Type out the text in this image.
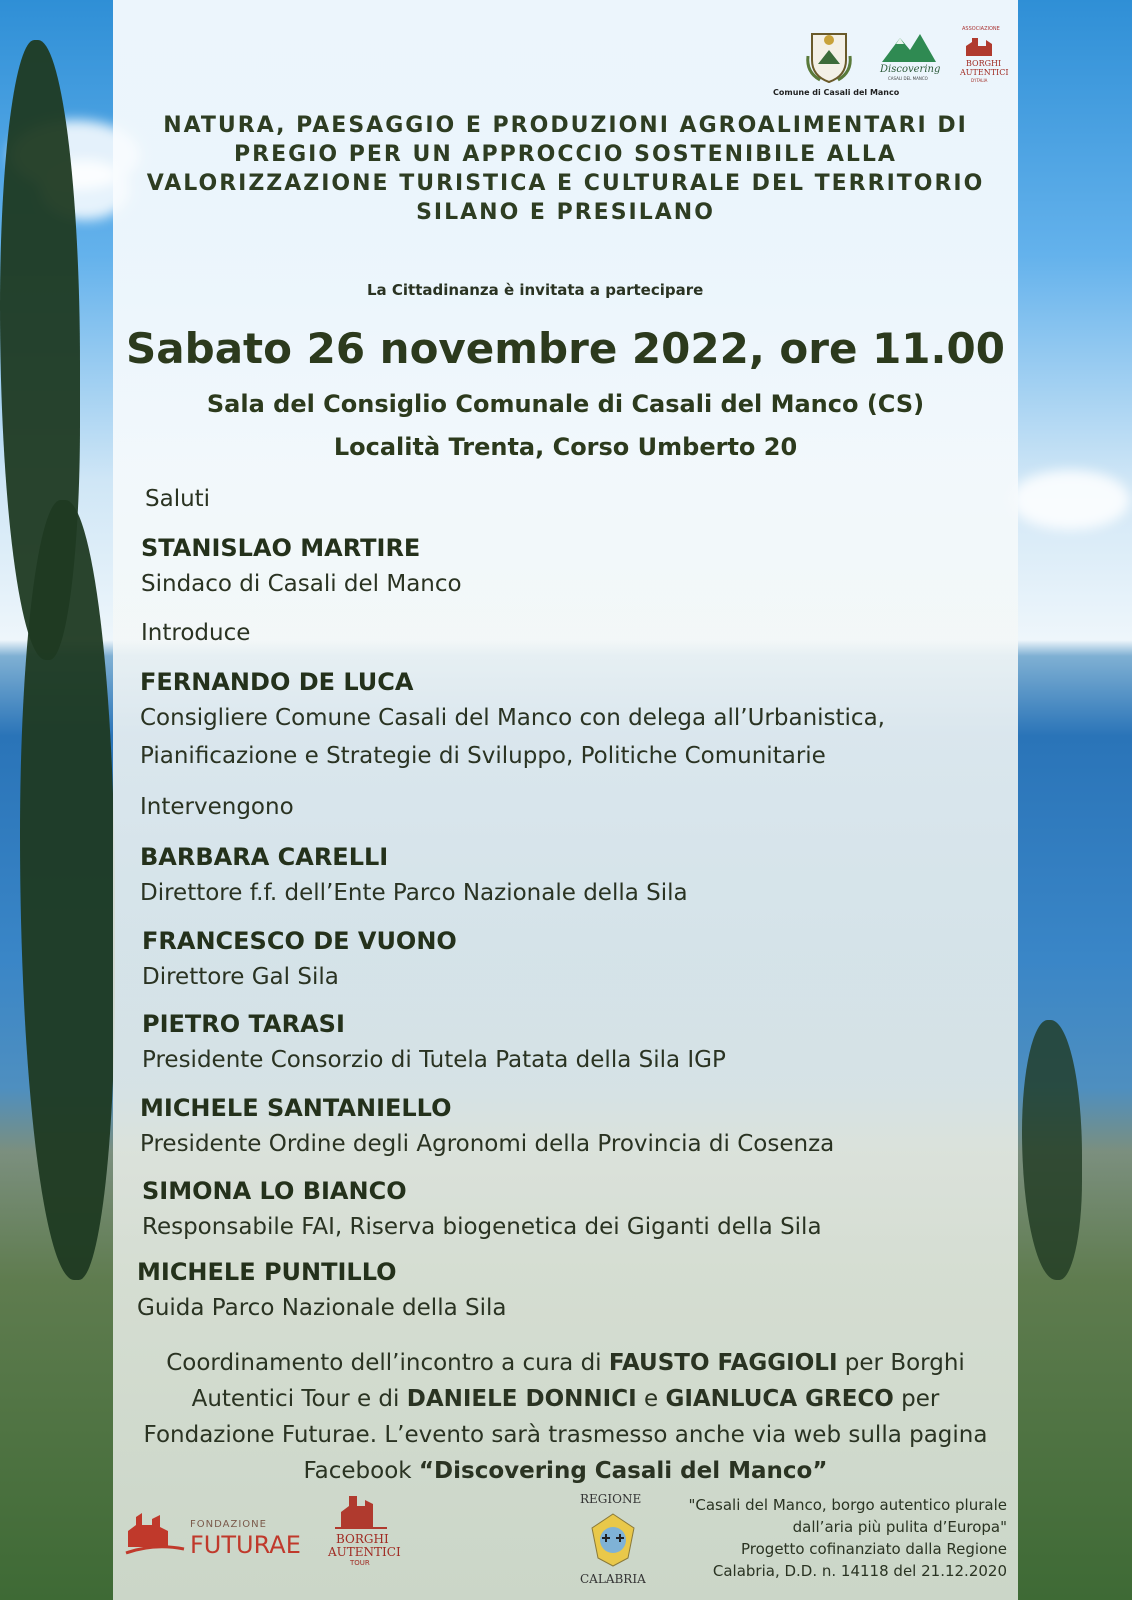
Comune di Casali del Manco
Discovering
CASALI DEL MANCO
ASSOCIAZIONE
BORGHI
AUTENTICI
D'ITALIA
NATURA, PAESAGGIO E PRODUZIONI AGROALIMENTARI DI
PREGIO PER UN APPROCCIO SOSTENIBILE ALLA
VALORIZZAZIONE TURISTICA E CULTURALE DEL TERRITORIO
SILANO E PRESILANO
La Cittadinanza è invitata a partecipare
Sabato 26 novembre 2022, ore 11.00
Sala del Consiglio Comunale di Casali del Manco (CS)
Località Trenta, Corso Umberto 20
Saluti
STANISLAO MARTIRE
Sindaco di Casali del Manco
Introduce
FERNANDO DE LUCA
Consigliere Comune Casali del Manco con delega all’Urbanistica,
Pianificazione e Strategie di Sviluppo, Politiche Comunitarie
Intervengono
BARBARA CARELLI
Direttore f.f. dell’Ente Parco Nazionale della Sila
FRANCESCO DE VUONO
Direttore Gal Sila
PIETRO TARASI
Presidente Consorzio di Tutela Patata della Sila IGP
MICHELE SANTANIELLO
Presidente Ordine degli Agronomi della Provincia di Cosenza
SIMONA LO BIANCO
Responsabile FAI, Riserva biogenetica dei Giganti della Sila
MICHELE PUNTILLO
Guida Parco Nazionale della Sila
Coordinamento dell’incontro a cura di FAUSTO FAGGIOLI per Borghi
Autentici Tour e di DANIELE DONNICI e GIANLUCA GRECO per
Fondazione Futurae. L’evento sarà trasmesso anche via web sulla pagina
Facebook “Discovering Casali del Manco”
FONDAZIONE
FUTURAE	BORGHI
AUTENTICI
TOUR
REGIONE
CALABRIA
"Casali del Manco, borgo autentico plurale
dall’aria più pulita d’Europa"
Progetto cofinanziato dalla Regione
Calabria, D.D. n. 14118 del 21.12.2020
